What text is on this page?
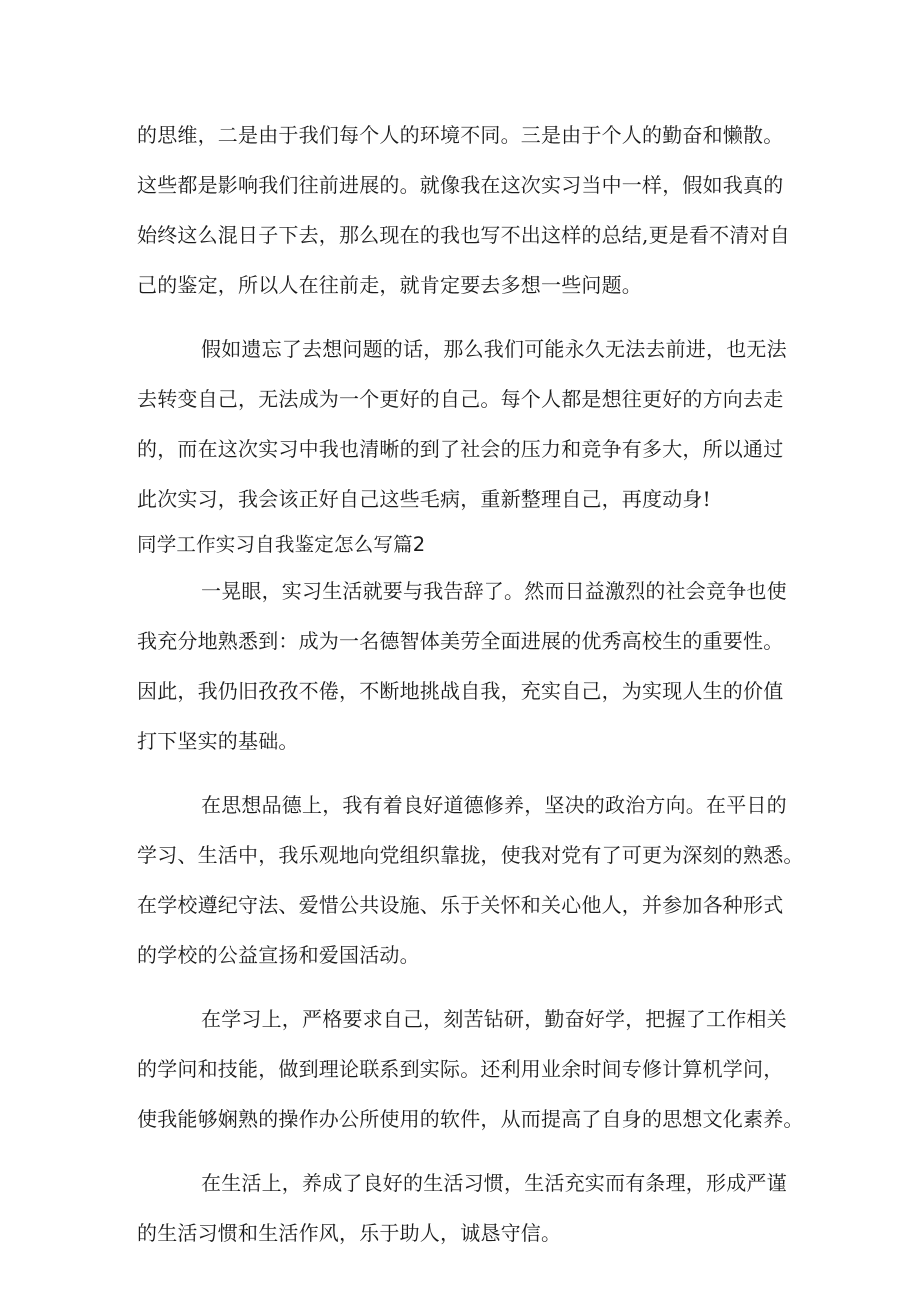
的思维，二是由于我们每个人的环境不同。三是由于个人的勤奋和懒散。
这些都是影响我们往前进展的。就像我在这次实习当中一样，假如我真的
始终这么混日子下去，那么现在的我也写不出这样的总结,更是看不清对自
己的鉴定，所以人在往前走，就肯定要去多想一些问题。
假如遗忘了去想问题的话，那么我们可能永久无法去前进，也无法
去转变自己，无法成为一个更好的自己。每个人都是想往更好的方向去走
的，而在这次实习中我也清晰的到了社会的压力和竞争有多大，所以通过
此次实习，我会该正好自己这些毛病，重新整理自己，再度动身!
同学工作实习自我鉴定怎么写篇2
一晃眼，实习生活就要与我告辞了。然而日益激烈的社会竞争也使
我充分地熟悉到：成为一名德智体美劳全面进展的优秀高校生的重要性。
因此，我仍旧孜孜不倦，不断地挑战自我，充实自己，为实现人生的价值
打下坚实的基础。
在思想品德上，我有着良好道德修养，坚决的政治方向。在平日的
学习、生活中，我乐观地向党组织靠拢，使我对党有了可更为深刻的熟悉。
在学校遵纪守法、爱惜公共设施、乐于关怀和关心他人，并参加各种形式
的学校的公益宣扬和爱国活动。
在学习上，严格要求自己，刻苦钻研，勤奋好学，把握了工作相关
的学问和技能，做到理论联系到实际。还利用业余时间专修计算机学问，
使我能够娴熟的操作办公所使用的软件，从而提高了自身的思想文化素养。
在生活上，养成了良好的生活习惯，生活充实而有条理，形成严谨
的生活习惯和生活作风，乐于助人，诚恳守信。
